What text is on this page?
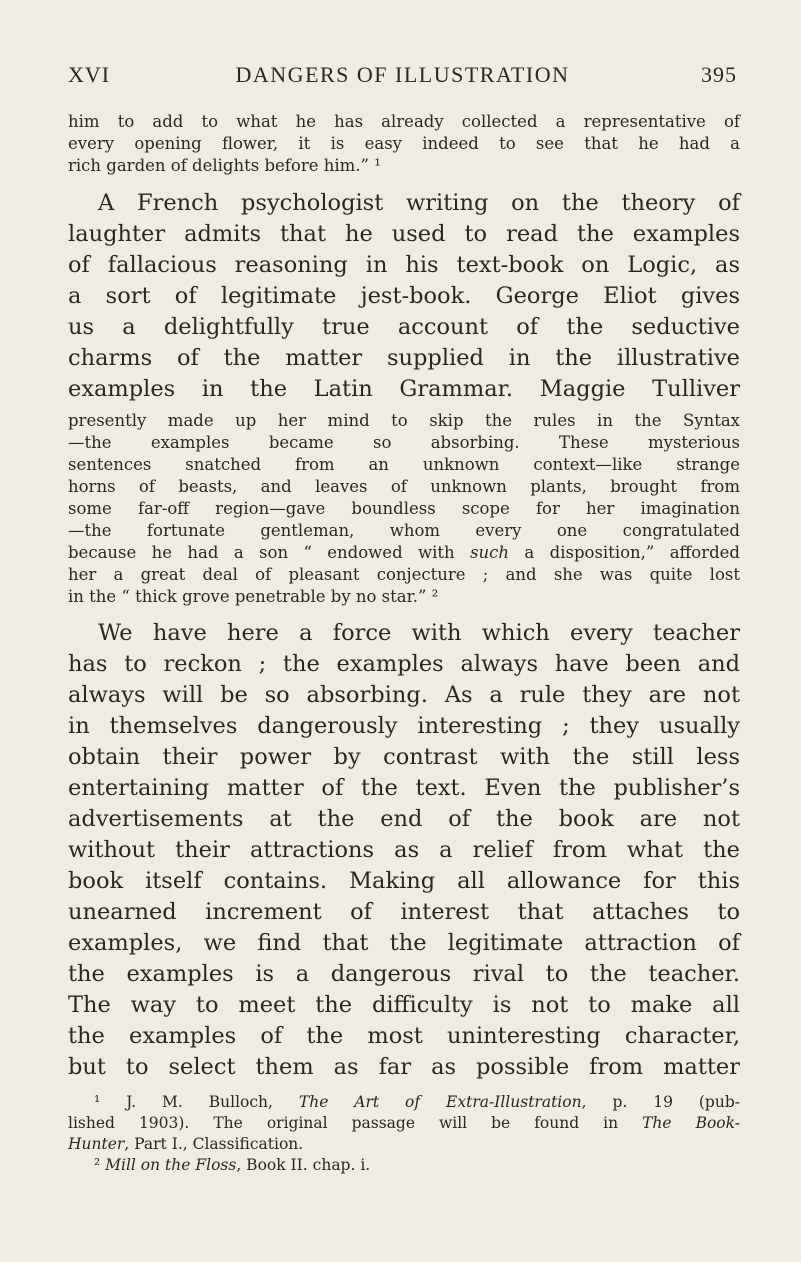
XVI	DANGERS OF ILLUSTRATION	395
him to add to what he has already collected a representative of
every opening flower, it is easy indeed to see that he had a
rich garden of delights before him.” ¹
A French psychologist writing on the theory of
laughter admits that he used to read the examples
of fallacious reasoning in his text-book on Logic, as
a sort of legitimate jest-book. George Eliot gives
us a delightfully true account of the seductive
charms of the matter supplied in the illustrative
examples in the Latin Grammar. Maggie Tulliver
presently made up her mind to skip the rules in the Syntax
—the examples became so absorbing. These mysterious
sentences snatched from an unknown context—like strange
horns of beasts, and leaves of unknown plants, brought from
some far-off region—gave boundless scope for her imagination
—the fortunate gentleman, whom every one congratulated
because he had a son “ endowed with such a disposition,” afforded
her a great deal of pleasant conjecture ; and she was quite lost
in the “ thick grove penetrable by no star.” ²
We have here a force with which every teacher
has to reckon ; the examples always have been and
always will be so absorbing. As a rule they are not
in themselves dangerously interesting ; they usually
obtain their power by contrast with the still less
entertaining matter of the text. Even the publisher’s
advertisements at the end of the book are not
without their attractions as a relief from what the
book itself contains. Making all allowance for this
unearned increment of interest that attaches to
examples, we find that the legitimate attraction of
the examples is a dangerous rival to the teacher.
The way to meet the difficulty is not to make all
the examples of the most uninteresting character,
but to select them as far as possible from matter
¹ J. M. Bulloch, The Art of Extra-Illustration, p. 19 (pub-
lished 1903). The original passage will be found in The Book-
Hunter, Part I., Classification.
² Mill on the Floss, Book II. chap. i.
